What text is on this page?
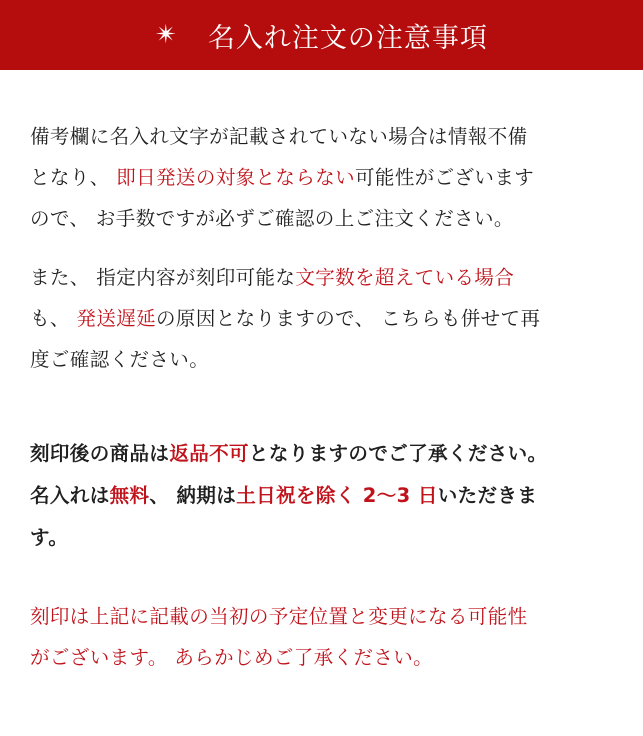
✴ 名入れ注文の注意事項
備考欄に名入れ文字が記載されていない場合は情報不備
となり、 即日発送の対象とならない可能性がございます
ので、 お手数ですが必ずご確認の上ご注文ください。
また、 指定内容が刻印可能な文字数を超えている場合
も、 発送遅延の原因となりますので、 こちらも併せて再
度ご確認ください。
刻印後の商品は返品不可となりますのでご了承ください。
名入れは無料、 納期は土日祝を除く 2～3 日いただきま
す。
刻印は上記に記載の当初の予定位置と変更になる可能性
がございます。 あらかじめご了承ください。
